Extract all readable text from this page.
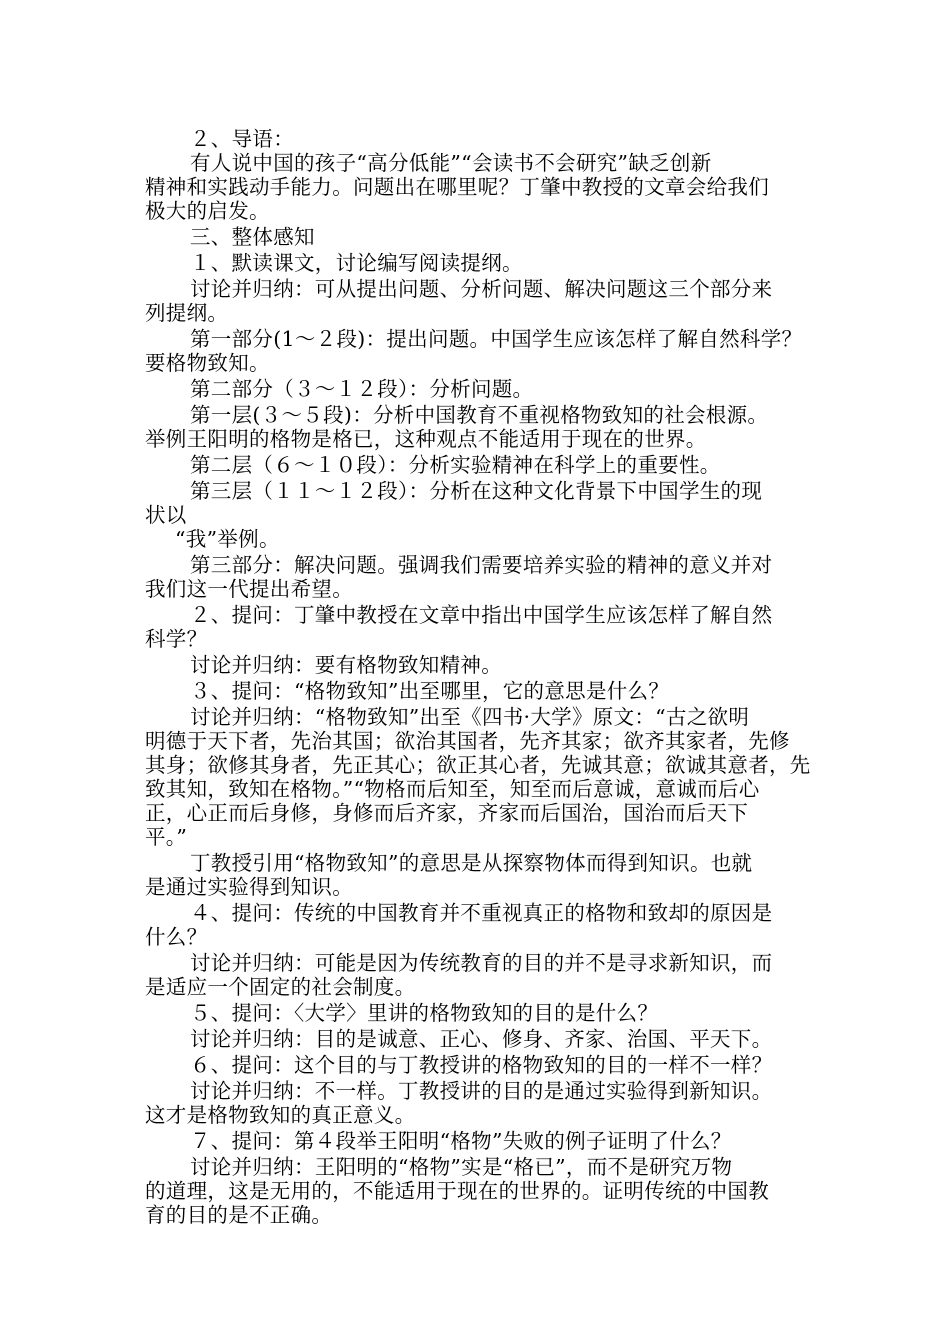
２、导语：
有人说中国的孩子“高分低能”“会读书不会研究”缺乏创新
精神和实践动手能力。问题出在哪里呢？丁肇中教授的文章会给我们
极大的启发。
三、整体感知
１、默读课文，讨论编写阅读提纲。
讨论并归纳：可从提出问题、分析问题、解决问题这三个部分来
列提纲。
第一部分(1～２段)：提出问题。中国学生应该怎样了解自然科学？
要格物致知。
第二部分（３～１２段）：分析问题。
第一层(３～５段)：分析中国教育不重视格物致知的社会根源。
举例王阳明的格物是格已，这种观点不能适用于现在的世界。
第二层（６～１０段）：分析实验精神在科学上的重要性。
第三层（１１～１２段）：分析在这种文化背景下中国学生的现
状以
“我”举例。
第三部分：解决问题。强调我们需要培养实验的精神的意义并对
我们这一代提出希望。
２、提问：丁肇中教授在文章中指出中国学生应该怎样了解自然
科学？
讨论并归纳：要有格物致知精神。
３、提问：“格物致知”出至哪里，它的意思是什么？
讨论并归纳：“格物致知”出至《四书·大学》原文：“古之欲明
明德于天下者，先治其国；欲治其国者，先齐其家；欲齐其家者，先修
其身；欲修其身者，先正其心；欲正其心者，先诚其意；欲诚其意者，先
致其知，致知在格物。”“物格而后知至，知至而后意诚，意诚而后心
正，心正而后身修，身修而后齐家，齐家而后国治，国治而后天下
平。”
丁教授引用“格物致知”的意思是从探察物体而得到知识。也就
是通过实验得到知识。
４、提问：传统的中国教育并不重视真正的格物和致却的原因是
什么？
讨论并归纳：可能是因为传统教育的目的并不是寻求新知识，而
是适应一个固定的社会制度。
５、提问：〈大学〉里讲的格物致知的目的是什么？
讨论并归纳：目的是诚意、正心、修身、齐家、治国、平天下。
６、提问：这个目的与丁教授讲的格物致知的目的一样不一样？
讨论并归纳：不一样。丁教授讲的目的是通过实验得到新知识。
这才是格物致知的真正意义。
７、提问：第４段举王阳明“格物”失败的例子证明了什么？
讨论并归纳：王阳明的“格物”实是“格已”，而不是研究万物
的道理，这是无用的，不能适用于现在的世界的。证明传统的中国教
育的目的是不正确。
